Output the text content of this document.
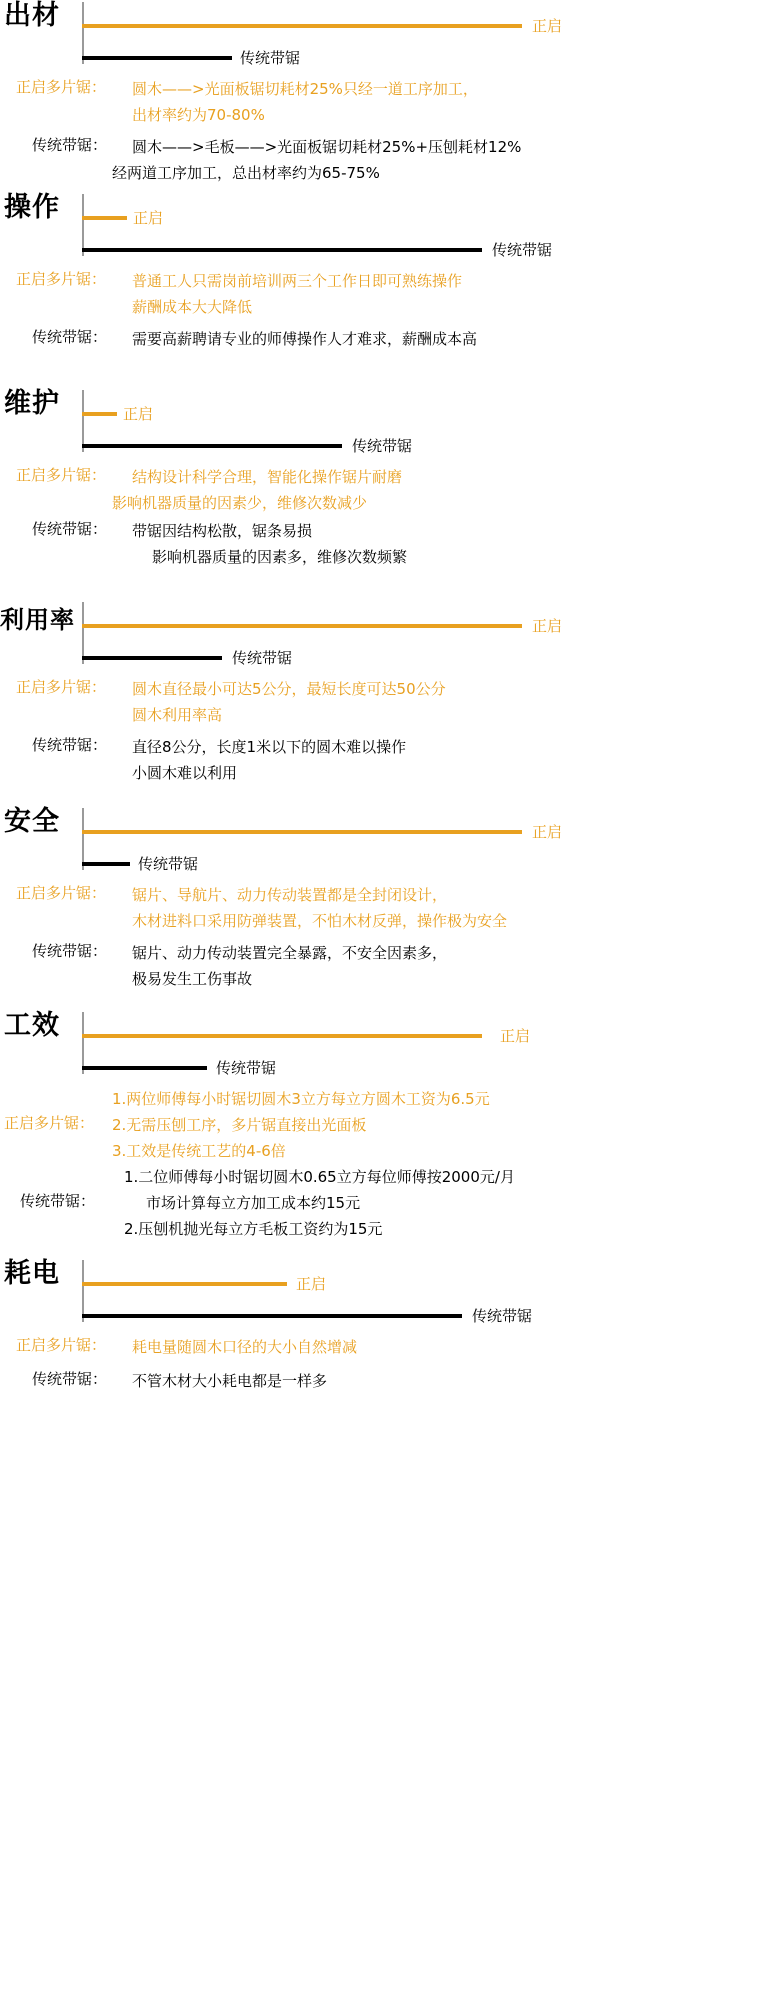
出材	正启
传统带锯
正启多片锯：	圆木——>光面板锯切耗材25%只经一道工序加工，
出材率约为70-80%
传统带锯：	圆木——>毛板——>光面板锯切耗材25%+压刨耗材12%
经两道工序加工，总出材率约为65-75%
操作	正启
传统带锯
正启多片锯：	普通工人只需岗前培训两三个工作日即可熟练操作
薪酬成本大大降低
传统带锯：	需要高薪聘请专业的师傅操作人才难求，薪酬成本高
维护	正启
传统带锯
正启多片锯：	结构设计科学合理，智能化操作锯片耐磨
影响机器质量的因素少，维修次数减少
传统带锯：	带锯因结构松散，锯条易损
影响机器质量的因素多，维修次数频繁
利用率	正启
传统带锯
正启多片锯：	圆木直径最小可达5公分，最短长度可达50公分
圆木利用率高
传统带锯：	直径8公分，长度1米以下的圆木难以操作
小圆木难以利用
安全	正启
传统带锯
正启多片锯：	锯片、导航片、动力传动装置都是全封闭设计，
木材进料口采用防弹装置，不怕木材反弹，操作极为安全
传统带锯：	锯片、动力传动装置完全暴露，不安全因素多，
极易发生工伤事故
工效	正启
传统带锯
1.两位师傅每小时锯切圆木3立方每立方圆木工资为6.5元
正启多片锯：	2.无需压刨工序，多片锯直接出光面板
3.工效是传统工艺的4-6倍
1.二位师傅每小时锯切圆木0.65立方每位师傅按2000元/月
传统带锯：	市场计算每立方加工成本约15元
2.压刨机抛光每立方毛板工资约为15元
耗电	正启
传统带锯
正启多片锯：	耗电量随圆木口径的大小自然增减
传统带锯：	不管木材大小耗电都是一样多
